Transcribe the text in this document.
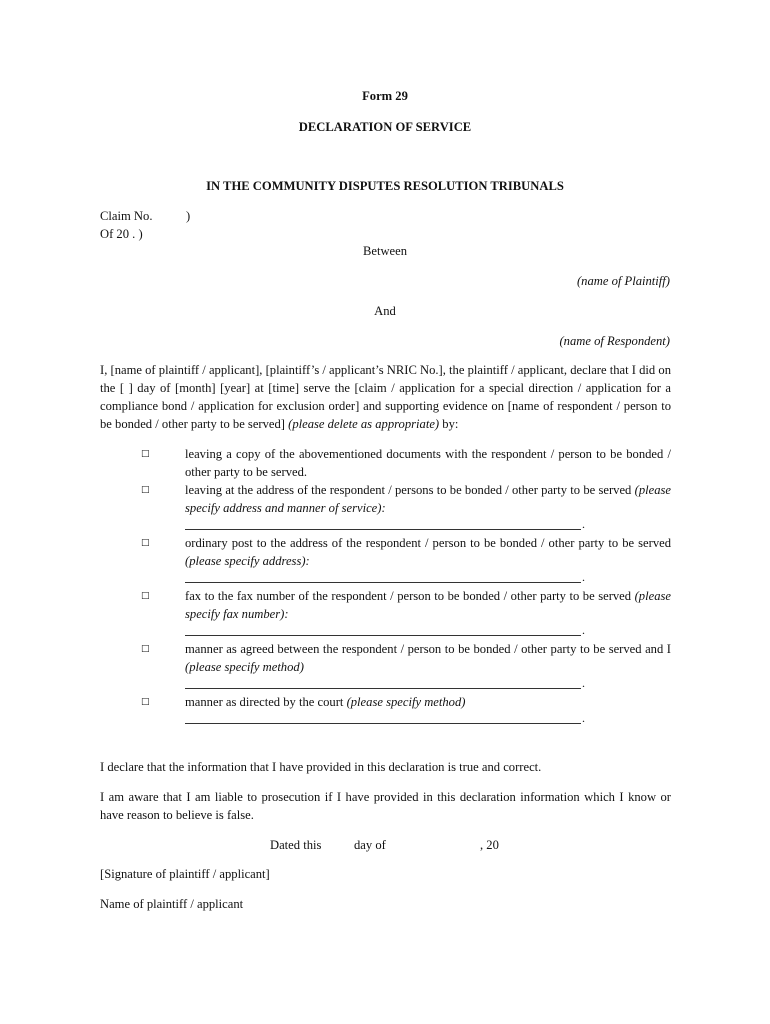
Form 29
DECLARATION OF SERVICE
IN THE COMMUNITY DISPUTES RESOLUTION TRIBUNALS
Claim No.	)
Of 20 . )
Between
(name of Plaintiff)
And
(name of Respondent)
I, [name of plaintiff / applicant], [plaintiff’s / applicant’s NRIC No.], the plaintiff / applicant, declare that I did on the [ ] day of [month] [year] at [time] serve the [claim / application for a special direction / application for a compliance bond / application for exclusion order] and supporting evidence on [name of respondent / person to be bonded / other party to be served] (please delete as appropriate) by:
□	leaving a copy of the abovementioned documents with the respondent / person to be bonded / other party to be served.
□	leaving at the address of the respondent / persons to be bonded / other party to be served (please specify address and manner of service):
.
□	ordinary post to the address of the respondent / person to be bonded / other party to be served (please specify address):
.
□	fax to the fax number of the respondent / person to be bonded / other party to be served (please specify fax number):
.
□	manner as agreed between the respondent / person to be bonded / other party to be served and I (please specify method)
.
□	manner as directed by the court (please specify method)
.
I declare that the information that I have provided in this declaration is true and correct.
I am aware that I am liable to prosecution if I have provided in this declaration information which I know or have reason to believe is false.
Dated this	day of	, 20
[Signature of plaintiff / applicant]
Name of plaintiff / applicant
